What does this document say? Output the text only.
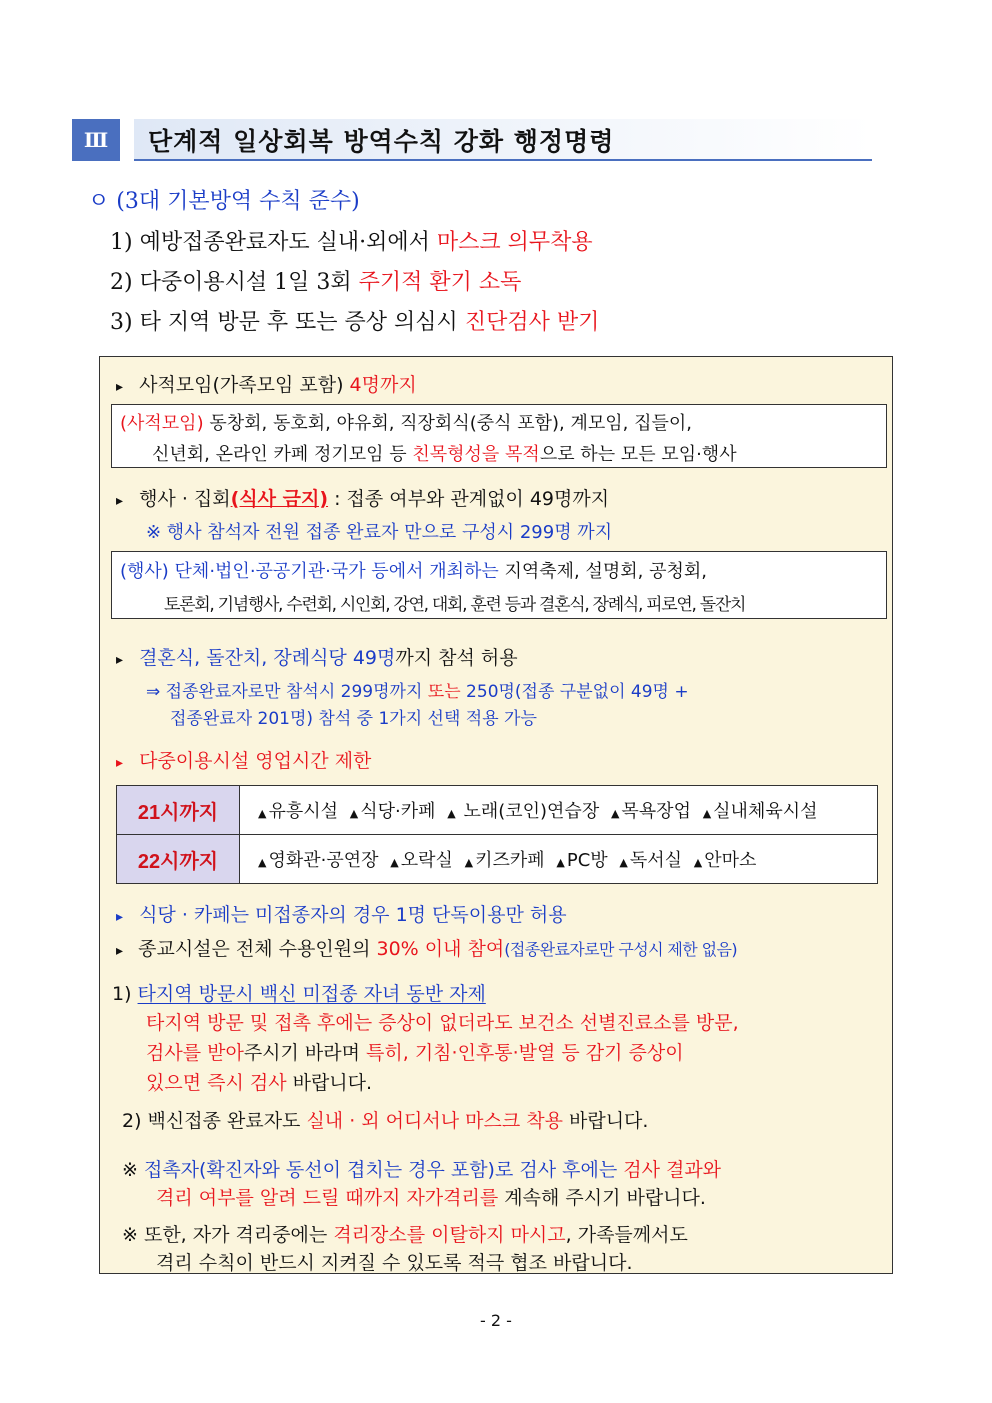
Ⅲ	단계적 일상회복 방역수칙 강화 행정명령
ㅇ (3대 기본방역 수칙 준수)
1) 예방접종완료자도 실내·외에서 마스크 의무착용
2) 다중이용시설 1일 3회 주기적 환기 소독
3) 타 지역 방문 후 또는 증상 의심시 진단검사 받기
▸ 사적모임(가족모임 포함) 4명까지
(사적모임) 동창회, 동호회, 야유회, 직장회식(중식 포함), 계모임, 집들이,
신년회, 온라인 카페 정기모임 등 친목형성을 목적으로 하는 모든 모임·행사
▸ 행사 · 집회(식사 금지) : 접종 여부와 관계없이 49명까지
※ 행사 참석자 전원 접종 완료자 만으로 구성시 299명 까지
(행사) 단체·법인·공공기관·국가 등에서 개최하는 지역축제, 설명회, 공청회,
토론회, 기념행사, 수련회, 시인회, 강연, 대회, 훈련 등과 결혼식, 장례식, 피로연, 돌잔치
▸ 결혼식, 돌잔치, 장례식당 49명까지 참석 허용
⇒ 접종완료자로만 참석시 299명까지 또는 250명(접종 구분없이 49명 +
접종완료자 201명) 참석 중 1가지 선택 적용 가능
▸ 다중이용시설 영업시간 제한
21시까지	▲ 유흥시설 ▲ 식당·카페 ▲ 노래(코인)연습장 ▲ 목욕장업 ▲ 실내체육시설
22시까지	▲ 영화관·공연장 ▲ 오락실 ▲ 키즈카페 ▲ PC방 ▲ 독서실 ▲ 안마소
▸ 식당 · 카페는 미접종자의 경우 1명 단독이용만 허용
▸ 종교시설은 전체 수용인원의 30% 이내 참여(접종완료자로만 구성시 제한 없음)
1) 타지역 방문시 백신 미접종 자녀 동반 자제
타지역 방문 및 접촉 후에는 증상이 없더라도 보건소 선별진료소를 방문,
검사를 받아주시기 바라며 특히, 기침·인후통·발열 등 감기 증상이
있으면 즉시 검사 바랍니다.
2) 백신접종 완료자도 실내 · 외 어디서나 마스크 착용 바랍니다.
※ 접촉자(확진자와 동선이 겹치는 경우 포함)로 검사 후에는 검사 결과와
격리 여부를 알려 드릴 때까지 자가격리를 계속해 주시기 바랍니다.
※ 또한, 자가 격리중에는 격리장소를 이탈하지 마시고, 가족들께서도
격리 수칙이 반드시 지켜질 수 있도록 적극 협조 바랍니다.
- 2 -
